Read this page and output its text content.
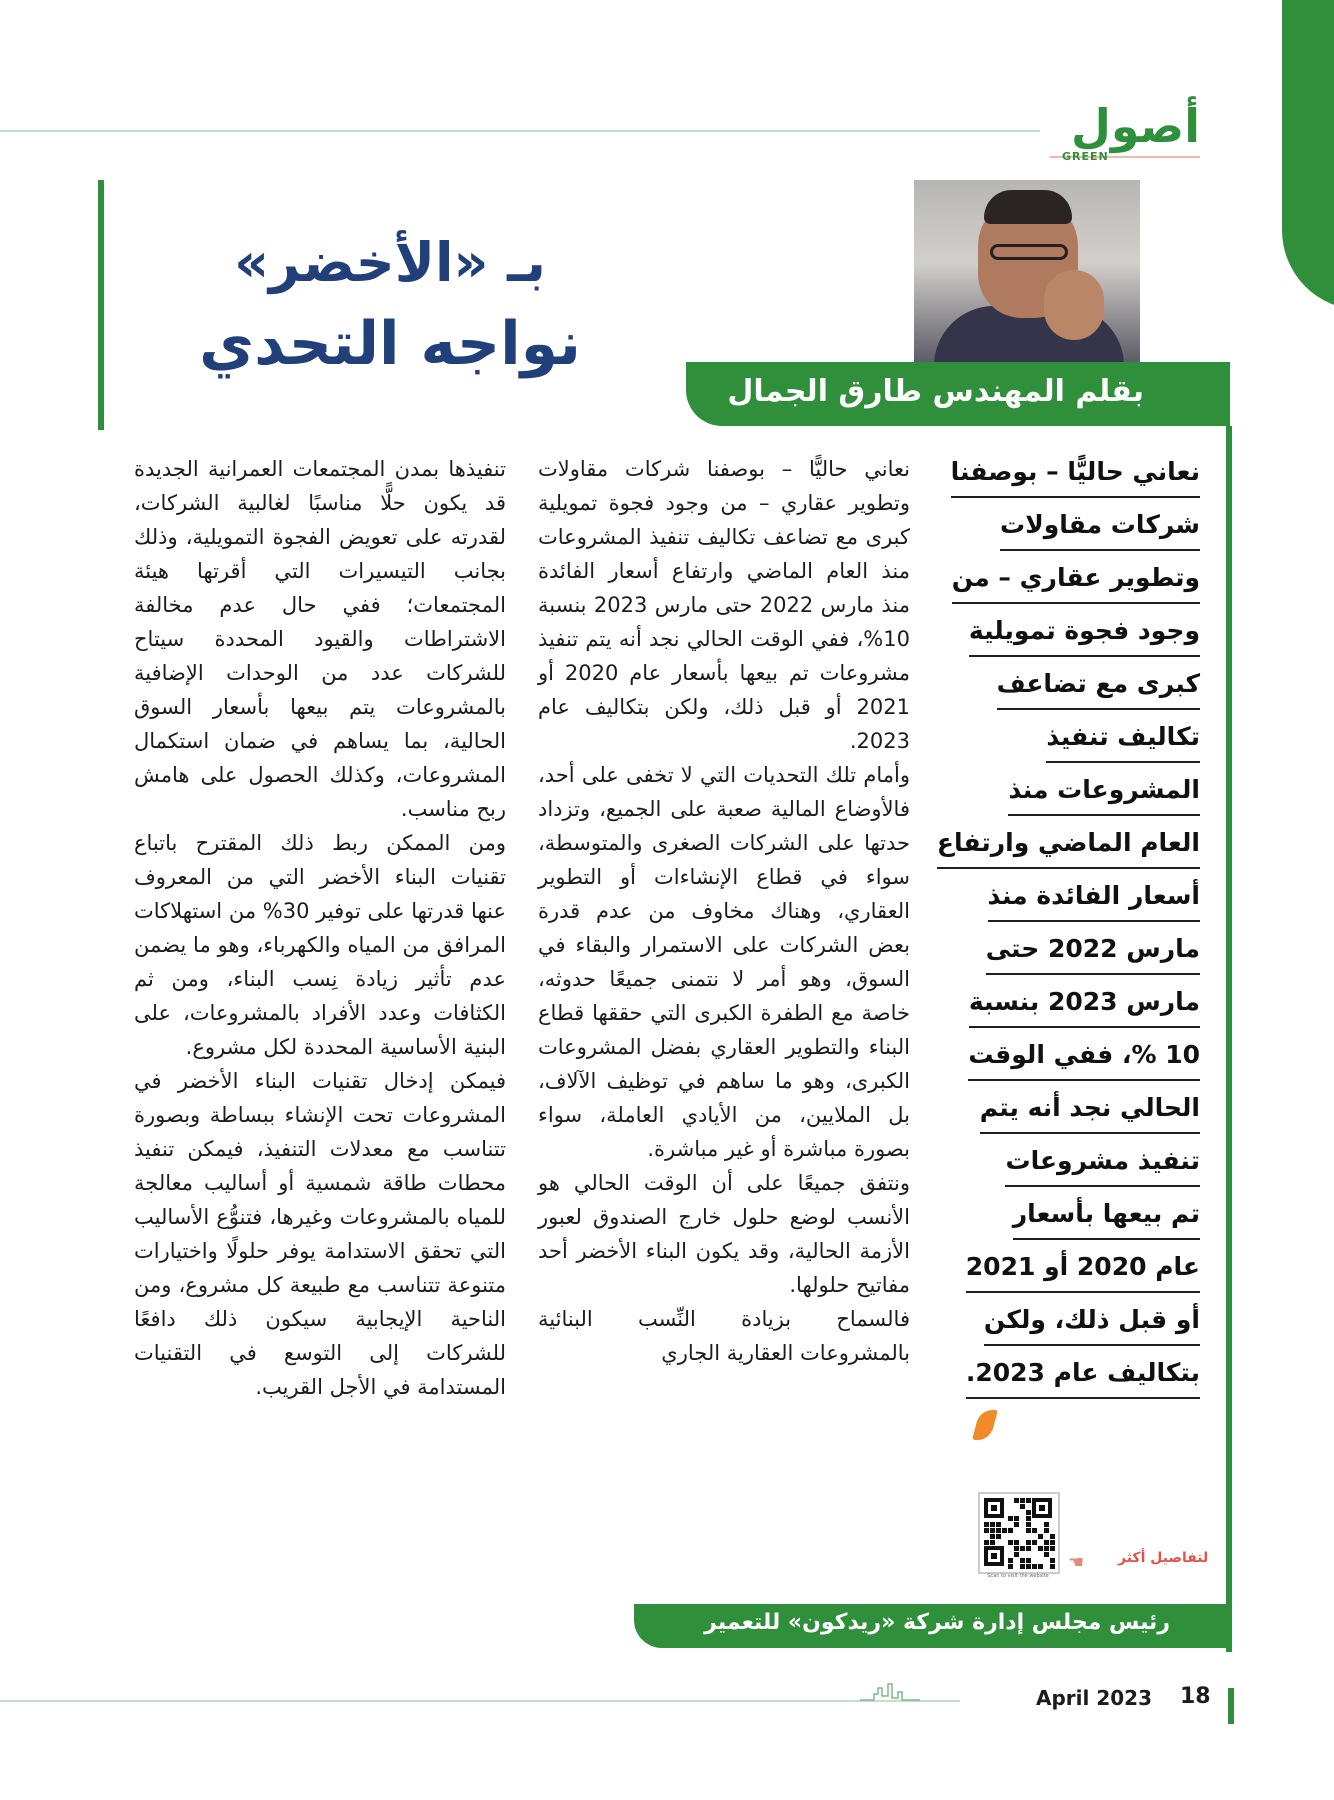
أصول
GREEN
بـ «الأخضر»
نواجه التحدي
بقلم المهندس طارق الجمال
نعاني حاليًّا – بوصفنا
شركات مقاولات
وتطوير عقاري – من
وجود فجوة تمويلية
كبرى مع تضاعف
تكاليف تنفيذ
المشروعات منذ
العام الماضي وارتفاع
أسعار الفائدة منذ
مارس 2022 حتى
مارس 2023 بنسبة
10 %، ففي الوقت
الحالي نجد أنه يتم
تنفيذ مشروعات
تم بيعها بأسعار
عام 2020 أو 2021
أو قبل ذلك، ولكن
بتكاليف عام 2023.
نعاني حاليًّا – بوصفنا شركات مقاولات وتطوير عقاري – من وجود فجوة تمويلية كبرى مع تضاعف تكاليف تنفيذ المشروعات منذ العام الماضي وارتفاع أسعار الفائدة منذ مارس 2022 حتى مارس 2023 بنسبة 10%، ففي الوقت الحالي نجد أنه يتم تنفيذ مشروعات تم بيعها بأسعار عام 2020 أو 2021 أو قبل ذلك، ولكن بتكاليف عام 2023.
وأمام تلك التحديات التي لا تخفى على أحد، فالأوضاع المالية صعبة على الجميع، وتزداد حدتها على الشركات الصغرى والمتوسطة، سواء في قطاع الإنشاءات أو التطوير العقاري، وهناك مخاوف من عدم قدرة بعض الشركات على الاستمرار والبقاء في السوق، وهو أمر لا نتمنى جميعًا حدوثه، خاصة مع الطفرة الكبرى التي حققها قطاع البناء والتطوير العقاري بفضل المشروعات الكبرى، وهو ما ساهم في توظيف الآلاف، بل الملايين، من الأيادي العاملة، سواء بصورة مباشرة أو غير مباشرة.
ونتفق جميعًا على أن الوقت الحالي هو الأنسب لوضع حلول خارج الصندوق لعبور الأزمة الحالية، وقد يكون البناء الأخضر أحد مفاتيح حلولها.
فالسماح بزيادة النِّسب البنائية بالمشروعات العقارية الجاري
تنفيذها بمدن المجتمعات العمرانية الجديدة قد يكون حلًّا مناسبًا لغالبية الشركات، لقدرته على تعويض الفجوة التمويلية، وذلك بجانب التيسيرات التي أقرتها هيئة المجتمعات؛ ففي حال عدم مخالفة الاشتراطات والقيود المحددة سيتاح للشركات عدد من الوحدات الإضافية بالمشروعات يتم بيعها بأسعار السوق الحالية، بما يساهم في ضمان استكمال المشروعات، وكذلك الحصول على هامش ربح مناسب.
ومن الممكن ربط ذلك المقترح باتباع تقنيات البناء الأخضر التي من المعروف عنها قدرتها على توفير 30% من استهلاكات المرافق من المياه والكهرباء، وهو ما يضمن عدم تأثير زيادة نِسب البناء، ومن ثم الكثافات وعدد الأفراد بالمشروعات، على البنية الأساسية المحددة لكل مشروع.
فيمكن إدخال تقنيات البناء الأخضر في المشروعات تحت الإنشاء ببساطة وبصورة تتناسب مع معدلات التنفيذ، فيمكن تنفيذ محطات طاقة شمسية أو أساليب معالجة للمياه بالمشروعات وغيرها، فتنوُّع الأساليب التي تحقق الاستدامة يوفر حلولًا واختيارات متنوعة تتناسب مع طبيعة كل مشروع، ومن الناحية الإيجابية سيكون ذلك دافعًا للشركات إلى التوسع في التقنيات المستدامة في الأجل القريب.
Scan to visit the website
☚ لتفاصيل أكثر
رئيس مجلس إدارة شركة «ريدكون» للتعمير
April 2023 18
